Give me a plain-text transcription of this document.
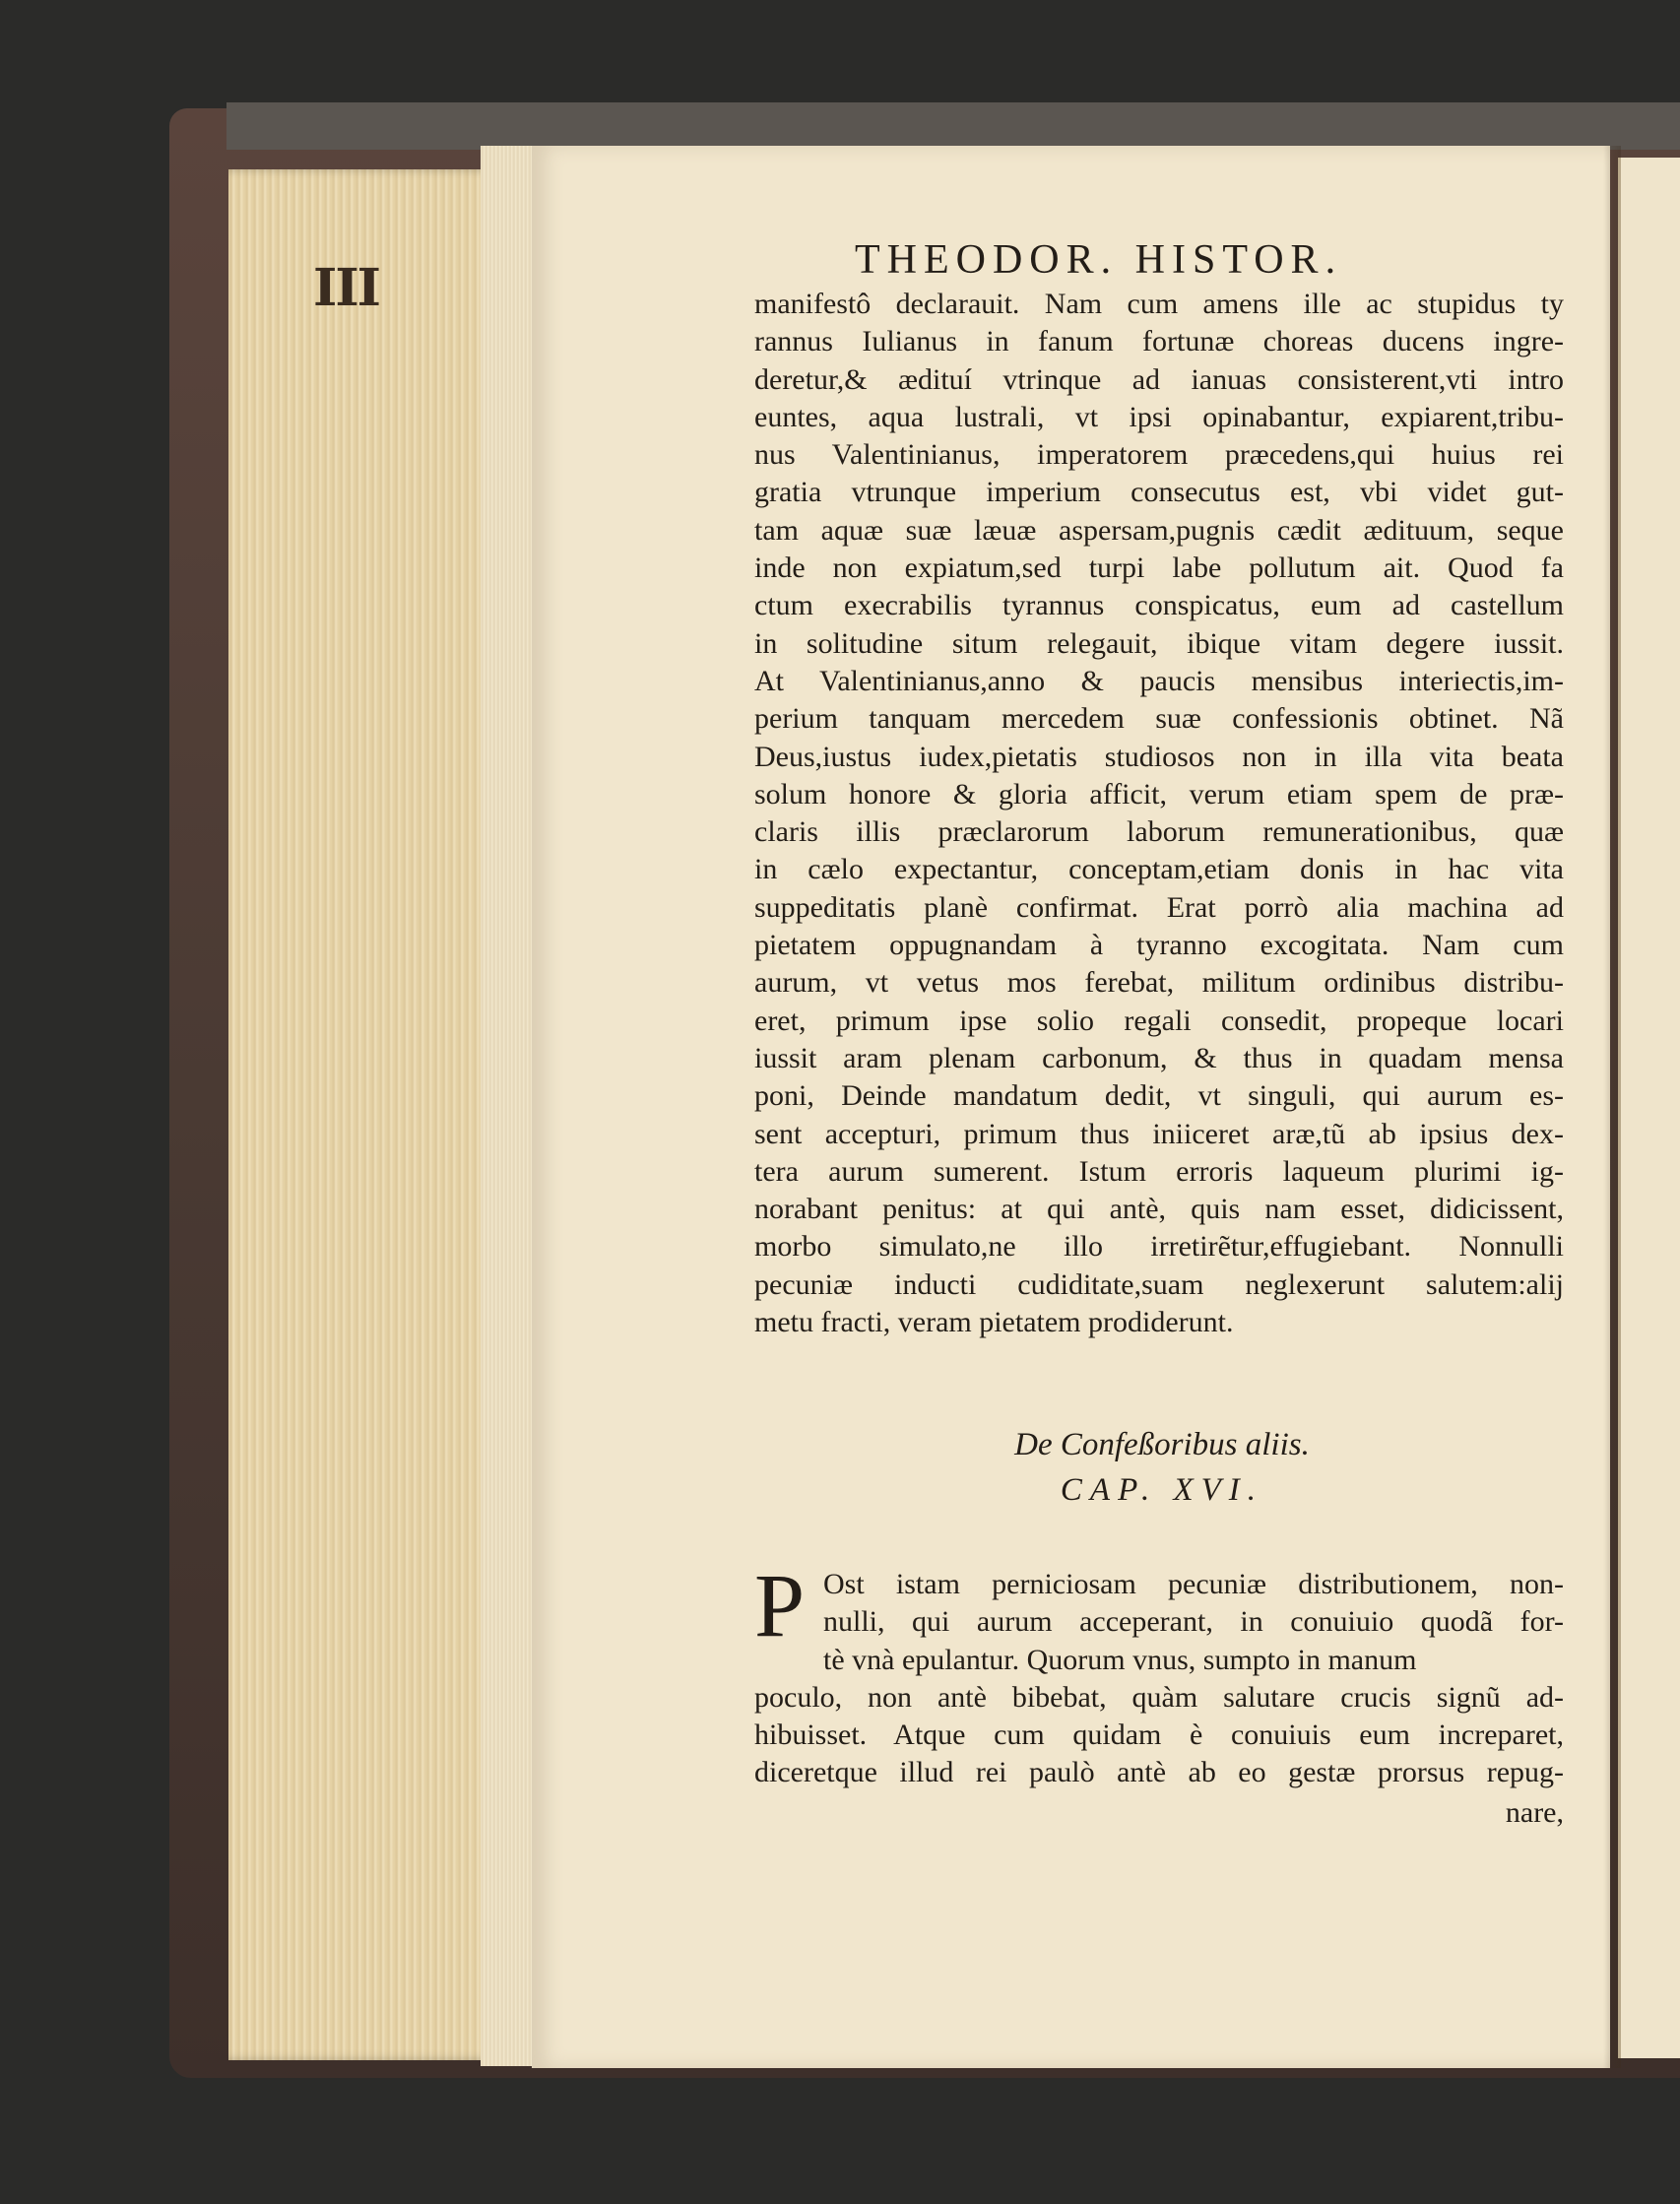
III	THEODOR. HISTOR.
manifestô declarauit. Nam cum amens ille ac stupidus ty
rannus Iulianus in fanum fortunæ choreas ducens ingre-
deretur,& ædituí vtrinque ad ianuas consisterent,vti intro
euntes, aqua lustrali, vt ipsi opinabantur, expiarent,tribu-
nus Valentinianus, imperatorem præcedens,qui huius rei
gratia vtrunque imperium consecutus est, vbi videt gut-
tam aquæ suæ læuæ aspersam,pugnis cædit ædituum, seque
inde non expiatum,sed turpi labe pollutum ait. Quod fa
ctum execrabilis tyrannus conspicatus, eum ad castellum
in solitudine situm relegauit, ibique vitam degere iussit.
At Valentinianus,anno & paucis mensibus interiectis,im-
perium tanquam mercedem suæ confessionis obtinet. Nã
Deus,iustus iudex,pietatis studiosos non in illa vita beata
solum honore & gloria afficit, verum etiam spem de præ-
claris illis præclarorum laborum remunerationibus, quæ
in cælo expectantur, conceptam,etiam donis in hac vita
suppeditatis planè confirmat. Erat porrò alia machina ad
pietatem oppugnandam à tyranno excogitata. Nam cum
aurum, vt vetus mos ferebat, militum ordinibus distribu-
eret, primum ipse solio regali consedit, propeque locari
iussit aram plenam carbonum, & thus in quadam mensa
poni, Deinde mandatum dedit, vt singuli, qui aurum es-
sent accepturi, primum thus iniiceret aræ,tũ ab ipsius dex-
tera aurum sumerent. Istum erroris laqueum plurimi ig-
norabant penitus: at qui antè, quis nam esset, didicissent,
morbo simulato,ne illo irretirẽtur,effugiebant. Nonnulli
pecuniæ inducti cudiditate,suam neglexerunt salutem:alij
metu fracti, veram pietatem prodiderunt.
De Confeßoribus aliis.
CAP. XVI.
P Ost istam perniciosam pecuniæ distributionem, non-
nulli, qui aurum acceperant, in conuiuio quodã for-
tè vnà epulantur. Quorum vnus, sumpto in manum
poculo, non antè bibebat, quàm salutare crucis signũ ad-
hibuisset. Atque cum quidam è conuiuis eum increparet,
diceretque illud rei paulò antè ab eo gestæ prorsus repug-
nare,
